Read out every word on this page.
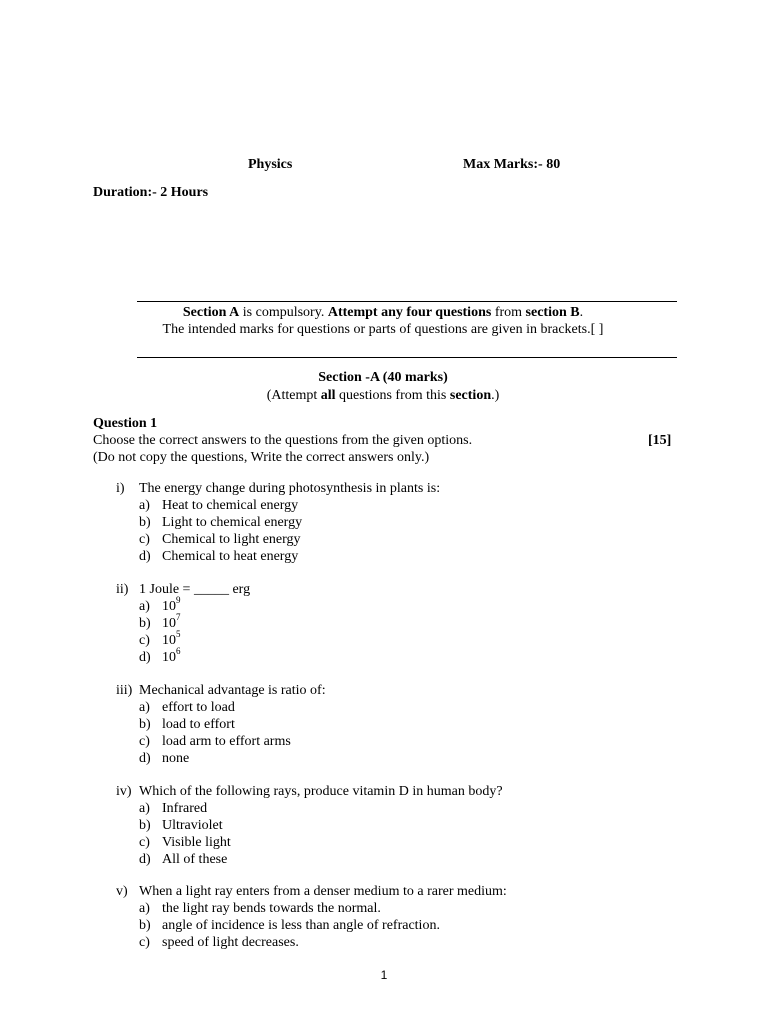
Physics	Max Marks:- 80
Duration:- 2 Hours
Section A is compulsory. Attempt any four questions from section B.
The intended marks for questions or parts of questions are given in brackets.[ ]
Section -A (40 marks)
(Attempt all questions from this section.)
Question 1
Choose the correct answers to the questions from the given options.	[15]
(Do not copy the questions, Write the correct answers only.)
i) The energy change during photosynthesis in plants is:
a) Heat to chemical energy
b) Light to chemical energy
c) Chemical to light energy
d) Chemical to heat energy
ii) 1 Joule = _____ erg
a) $10^9$
b) $10^7$
c) $10^5$
d) $10^6$
iii) Mechanical advantage is ratio of:
a) effort to load
b) load to effort
c) load arm to effort arms
d) none
iv) Which of the following rays, produce vitamin D in human body?
a) Infrared
b) Ultraviolet
c) Visible light
d) All of these
v) When a light ray enters from a denser medium to a rarer medium:
a) the light ray bends towards the normal.
b) angle of incidence is less than angle of refraction.
c) speed of light decreases.
1
